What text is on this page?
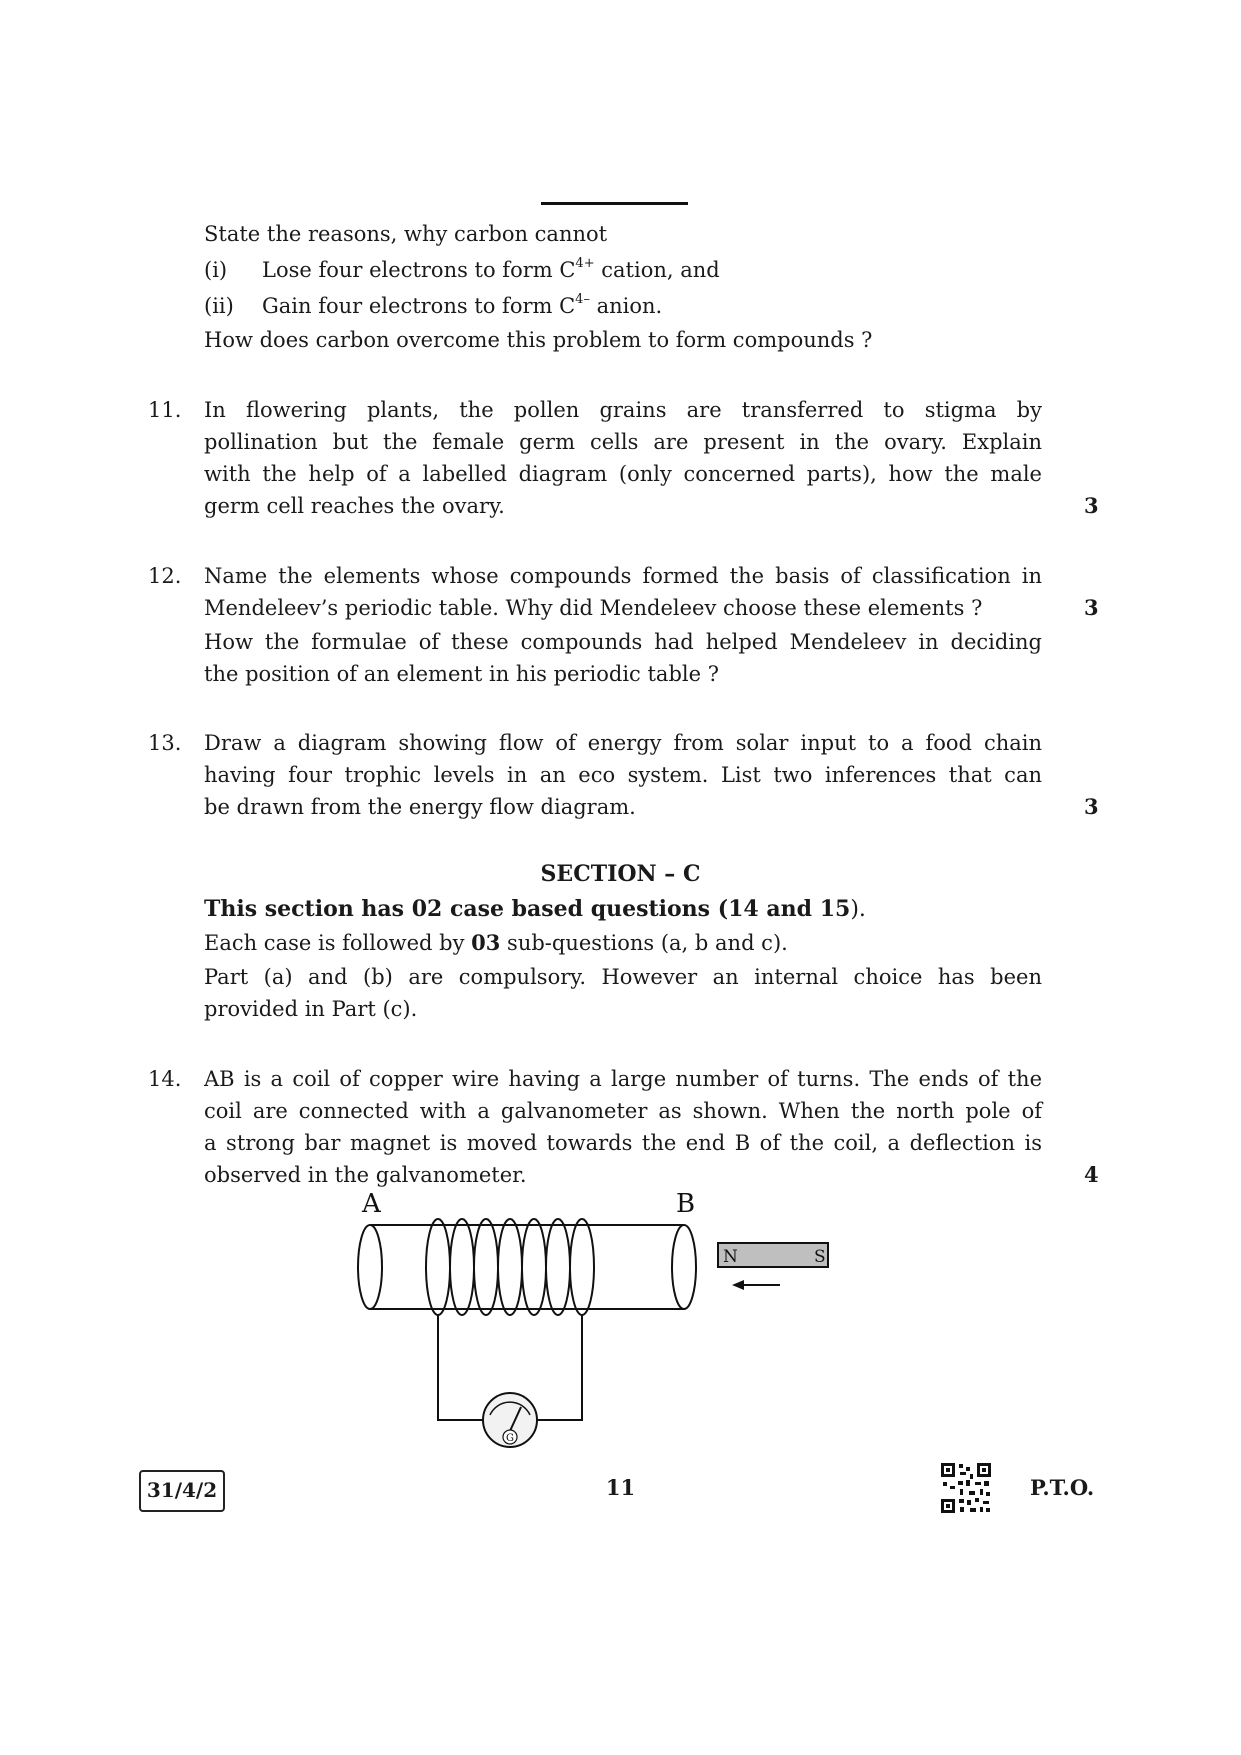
State the reasons, why carbon cannot
(i) Lose four electrons to form $C^{4+}$ cation, and
(ii) Gain four electrons to form $C^{4-}$ anion.
How does carbon overcome this problem to form compounds ?
11.	In flowering plants, the pollen grains are transferred to stigma by
pollination but the female germ cells are present in the ovary. Explain
with the help of a labelled diagram (only concerned parts), how the male
germ cell reaches the ovary.	3
12.	Name the elements whose compounds formed the basis of classification in
Mendeleev’s periodic table. Why did Mendeleev choose these elements ?	3
How the formulae of these compounds had helped Mendeleev in deciding
the position of an element in his periodic table ?
13.	Draw a diagram showing flow of energy from solar input to a food chain
having four trophic levels in an eco system. List two inferences that can
be drawn from the energy flow diagram.	3
SECTION – C
This section has 02 case based questions (14 and 15).
Each case is followed by 03 sub-questions (a, b and c).
Part (a) and (b) are compulsory. However an internal choice has been
provided in Part (c).
14.	AB is a coil of copper wire having a large number of turns. The ends of the
coil are connected with a galvanometer as shown. When the north pole of
a strong bar magnet is moved towards the end B of the coil, a deflection is
observed in the galvanometer.	4
A	B
G
N	S
31/4/2	11	P.T.O.
